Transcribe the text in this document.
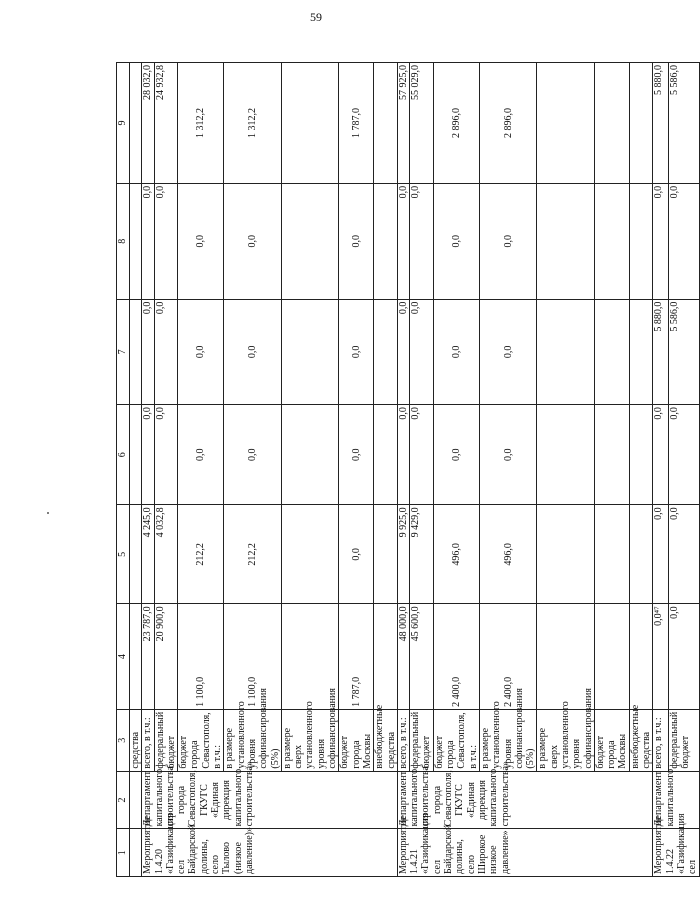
59
1	2	3	4	5	6	7	8	9
		средства						
Мероприятие 1.4.20 «Газификация сел Байдарской долины, село Тылово (низкое давление)»	Департамент капитального строительства города Севастополя, ГКУГС «Единая дирекция капитального строительства»	всего, в т.ч.:	23 787,0	4 245,0	0,0	0,0	0,0	28 032,0
		федеральный бюджет	20 900,0	4 032,8	0,0	0,0	0,0	24 932,8
		бюджет города Севастополя, в т.ч.:	1 100,0	212,2	0,0	0,0	0,0	1 312,2
		в размере установленного уровня софинансирования (5%)	1 100,0	212,2	0,0	0,0	0,0	1 312,2
		в размере сверх установленного уровня софинансирования						
		бюджет города Москвы	1 787,0	0,0	0,0	0,0	0,0	1 787,0
		внебюджетные средства						
Мероприятие 1.4.21 «Газификация сел Байдарской долины, село Широкое низкое давление»	Департамент капитального строительства города Севастополя, ГКУГС «Единая дирекция капитального строительства»	всего, в т.ч.:	48 000,0	9 925,0	0,0	0,0	0,0	57 925,0
		федеральный бюджет	45 600,0	9 429,0	0,0	0,0	0,0	55 029,0
		бюджет города Севастополя, в т.ч.:	2 400,0	496,0	0,0	0,0	0,0	2 896,0
		в размере установленного уровня софинансирования (5%)	2 400,0	496,0	0,0	0,0	0,0	2 896,0
		в размере сверх установленного уровня софинансирования						
		бюджет города Москвы						
		внебюджетные средства						
Мероприятие 1.4.22 «Газификация сел	Департамент капитального	всего, в т.ч.:	0,0⁴⁷	0,0	0,0	5 880,0	0,0	5 880,0
		федеральный бюджет	0,0	0,0	0,0	5 586,0	0,0	5 586,0
